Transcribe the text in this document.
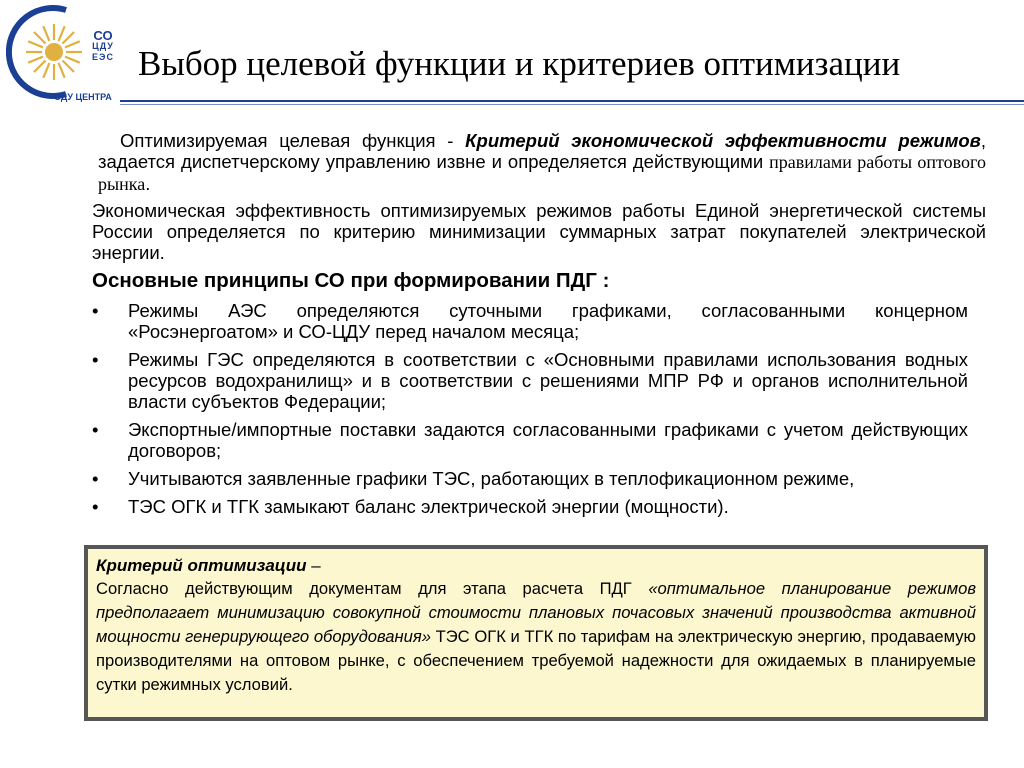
СО
ЦДУ
ЕЭС
ОДУ ЦЕНТРА
Выбор целевой функции и критериев оптимизации
Оптимизируемая целевая функция - Критерий экономической эффективности режимов, задается диспетчерскому управлению извне и определяется действующими правилами работы оптового рынка.
Экономическая эффективность оптимизируемых режимов работы Единой энергетической системы России определяется по критерию минимизации суммарных затрат покупателей электрической энергии.
Основные принципы СО при формировании ПДГ :
• Режимы АЭС определяются суточными графиками, согласованными концерном «Росэнергоатом» и СО-ЦДУ перед началом месяца;
• Режимы ГЭС определяются в соответствии с «Основными правилами использования водных ресурсов водохранилищ» и в соответствии с решениями МПР РФ и органов исполнительной власти субъектов Федерации;
• Экспортные/импортные поставки задаются согласованными графиками с учетом действующих договоров;
• Учитываются заявленные графики ТЭС, работающих в теплофикационном режиме,
• ТЭС ОГК и ТГК замыкают баланс электрической энергии (мощности).
Критерий оптимизации –
Согласно действующим документам для этапа расчета ПДГ «оптимальное планирование режимов предполагает минимизацию совокупной стоимости плановых почасовых значений производства активной мощности генерирующего оборудования» ТЭС ОГК и ТГК по тарифам на электрическую энергию, продаваемую производителями на оптовом рынке, с обеспечением требуемой надежности для ожидаемых в планируемые сутки режимных условий.
